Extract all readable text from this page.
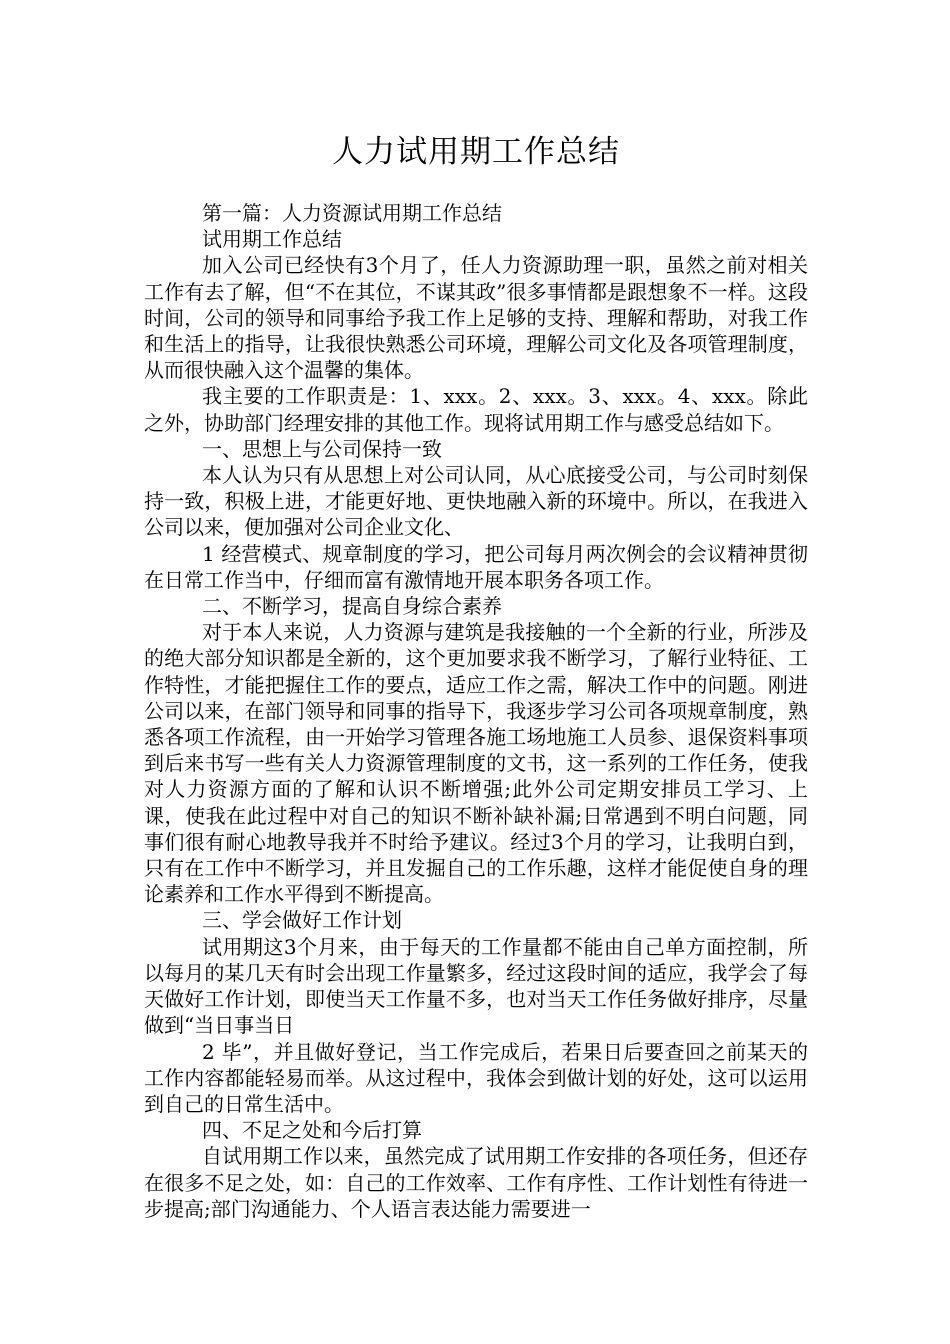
人力试用期工作总结

第一篇：人力资源试用期工作总结

试用期工作总结

加入公司已经快有3个月了，任人力资源助理一职，虽然之前对相关工作有去了解，但“不在其位，不谋其政”很多事情都是跟想象不一样。这段时间，公司的领导和同事给予我工作上足够的支持、理解和帮助，对我工作和生活上的指导，让我很快熟悉公司环境，理解公司文化及各项管理制度，从而很快融入这个温馨的集体。

我主要的工作职责是：1、xxx。2、xxx。3、xxx。4、xxx。除此之外，协助部门经理安排的其他工作。现将试用期工作与感受总结如下。

一、思想上与公司保持一致

本人认为只有从思想上对公司认同，从心底接受公司，与公司时刻保持一致，积极上进，才能更好地、更快地融入新的环境中。所以，在我进入公司以来，便加强对公司企业文化、

1 经营模式、规章制度的学习，把公司每月两次例会的会议精神贯彻在日常工作当中，仔细而富有激情地开展本职务各项工作。

二、不断学习，提高自身综合素养

对于本人来说，人力资源与建筑是我接触的一个全新的行业，所涉及的绝大部分知识都是全新的，这个更加要求我不断学习，了解行业特征、工作特性，才能把握住工作的要点，适应工作之需，解决工作中的问题。刚进公司以来，在部门领导和同事的指导下，我逐步学习公司各项规章制度，熟悉各项工作流程，由一开始学习管理各施工场地施工人员参、退保资料事项到后来书写一些有关人力资源管理制度的文书，这一系列的工作任务，使我对人力资源方面的了解和认识不断增强;此外公司定期安排员工学习、上课，使我在此过程中对自己的知识不断补缺补漏;日常遇到不明白问题，同事们很有耐心地教导我并不时给予建议。经过3个月的学习，让我明白到，只有在工作中不断学习，并且发掘自己的工作乐趣，这样才能促使自身的理论素养和工作水平得到不断提高。

三、学会做好工作计划

试用期这3个月来，由于每天的工作量都不能由自己单方面控制，所以每月的某几天有时会出现工作量繁多，经过这段时间的适应，我学会了每天做好工作计划，即使当天工作量不多，也对当天工作任务做好排序，尽量做到“当日事当日

2 毕”，并且做好登记，当工作完成后，若果日后要查回之前某天的工作内容都能轻易而举。从这过程中，我体会到做计划的好处，这可以运用到自己的日常生活中。

四、不足之处和今后打算

自试用期工作以来，虽然完成了试用期工作安排的各项任务，但还存在很多不足之处，如：自己的工作效率、工作有序性、工作计划性有待进一步提高;部门沟通能力、个人语言表达能力需要进一
